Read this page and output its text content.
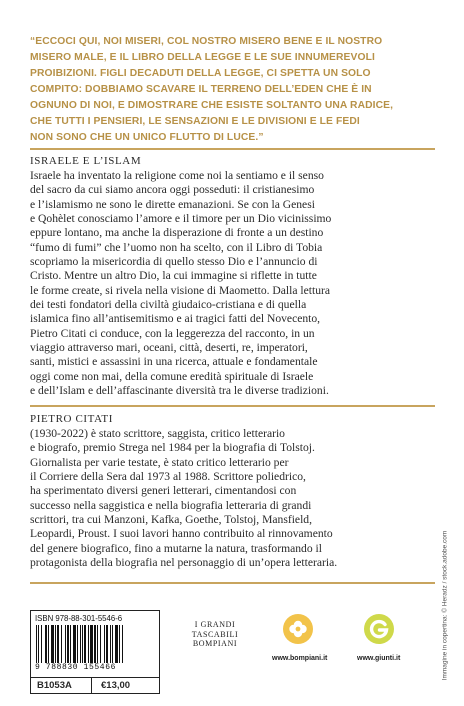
“ECCOCI QUI, NOI MISERI, COL NOSTRO MISERO BENE E IL NOSTRO
MISERO MALE, E IL LIBRO DELLA LEGGE E LE SUE INNUMEREVOLI
PROIBIZIONI. FIGLI DECADUTI DELLA LEGGE, CI SPETTA UN SOLO
COMPITO: DOBBIAMO SCAVARE IL TERRENO DELL’EDEN CHE È IN
OGNUNO DI NOI, E DIMOSTRARE CHE ESISTE SOLTANTO UNA RADICE,
CHE TUTTI I PENSIERI, LE SENSAZIONI E LE DIVISIONI E LE FEDI
NON SONO CHE UN UNICO FLUTTO DI LUCE.”
ISRAELE E L’ISLAM
Israele ha inventato la religione come noi la sentiamo e il senso
del sacro da cui siamo ancora oggi posseduti: il cristianesimo
e l’islamismo ne sono le dirette emanazioni. Se con la Genesi
e Qohèlet conosciamo l’amore e il timore per un Dio vicinissimo
eppure lontano, ma anche la disperazione di fronte a un destino
“fumo di fumi” che l’uomo non ha scelto, con il Libro di Tobia
scopriamo la misericordia di quello stesso Dio e l’annuncio di
Cristo. Mentre un altro Dio, la cui immagine si riflette in tutte
le forme create, si rivela nella visione di Maometto. Dalla lettura
dei testi fondatori della civiltà giudaico-cristiana e di quella
islamica fino all’antisemitismo e ai tragici fatti del Novecento,
Pietro Citati ci conduce, con la leggerezza del racconto, in un
viaggio attraverso mari, oceani, città, deserti, re, imperatori,
santi, mistici e assassini in una ricerca, attuale e fondamentale
oggi come non mai, della comune eredità spirituale di Israele
e dell’Islam e dell’affascinante diversità tra le diverse tradizioni.
PIETRO CITATI
(1930-2022) è stato scrittore, saggista, critico letterario
e biografo, premio Strega nel 1984 per la biografia di Tolstoj.
Giornalista per varie testate, è stato critico letterario per
il Corriere della Sera dal 1973 al 1988. Scrittore poliedrico,
ha sperimentato diversi generi letterari, cimentandosi con
successo nella saggistica e nella biografia letteraria di grandi
scrittori, tra cui Manzoni, Kafka, Goethe, Tolstoj, Mansfield,
Leopardi, Proust. I suoi lavori hanno contribuito al rinnovamento
del genere biografico, fino a mutarne la natura, trasformando il
protagonista della biografia nel personaggio di un’opera letteraria.	Immagine in copertina: © Heradz / stock.adobe.com
ISBN 978-88-301-5546-6
9 788830 155466
B1053A	€13,00
I GRANDI
TASCABILI
BOMPIANI
www.bompiani.it	www.giunti.it
